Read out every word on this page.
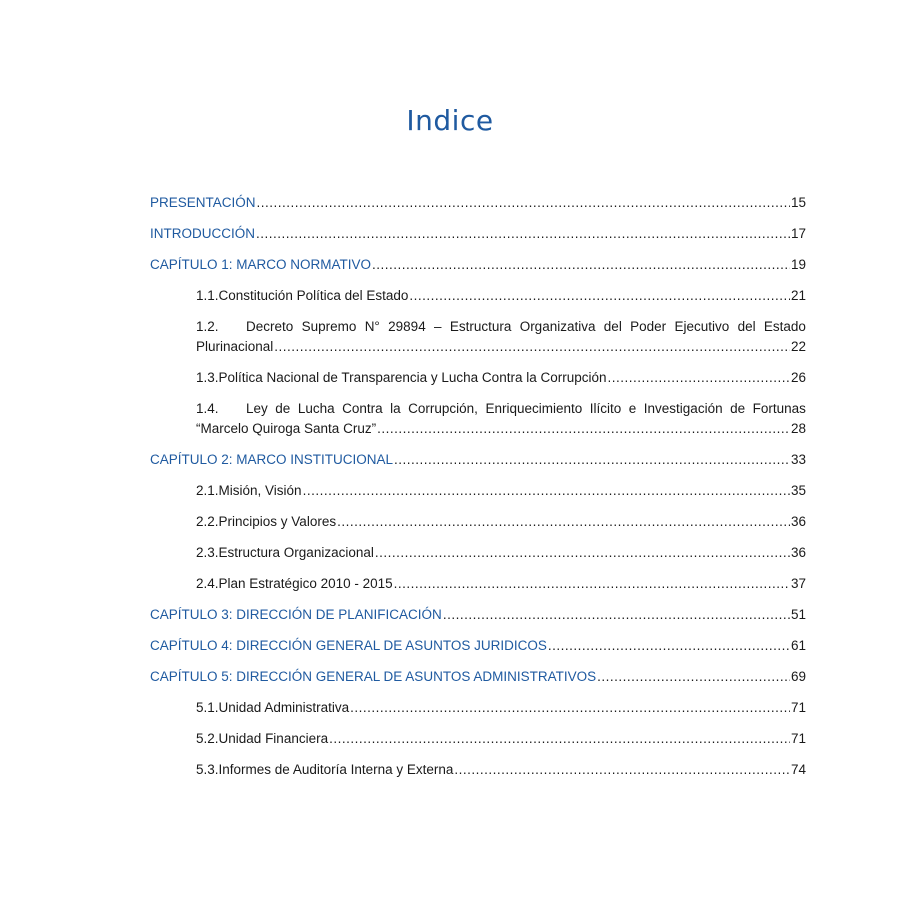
Indice
PRESENTACIÓN .....	15
INTRODUCCIÓN .....	17
CAPÍTULO 1: MARCO NORMATIVO .....	19
1.1. Constitución Política del Estado .....	21
1.2.	Decreto Supremo N° 29894 – Estructura Organizativa del Poder Ejecutivo del Estado
Plurinacional .....	22
1.3. Política Nacional de Transparencia y Lucha Contra la Corrupción .....	26
1.4.	Ley de Lucha Contra la Corrupción, Enriquecimiento Ilícito e Investigación de Fortunas
“Marcelo Quiroga Santa Cruz” .....	28
CAPÍTULO 2: MARCO INSTITUCIONAL .....	33
2.1. Misión, Visión .....	35
2.2. Principios y Valores .....	36
2.3. Estructura Organizacional .....	36
2.4. Plan Estratégico 2010 - 2015 .....	37
CAPÍTULO 3: DIRECCIÓN DE PLANIFICACIÓN .....	51
CAPÍTULO 4: DIRECCIÓN GENERAL DE ASUNTOS JURIDICOS .....	61
CAPÍTULO 5: DIRECCIÓN GENERAL DE ASUNTOS ADMINISTRATIVOS .....	69
5.1. Unidad Administrativa .....	71
5.2. Unidad Financiera .....	71
5.3. Informes de Auditoría Interna y Externa .....	74
